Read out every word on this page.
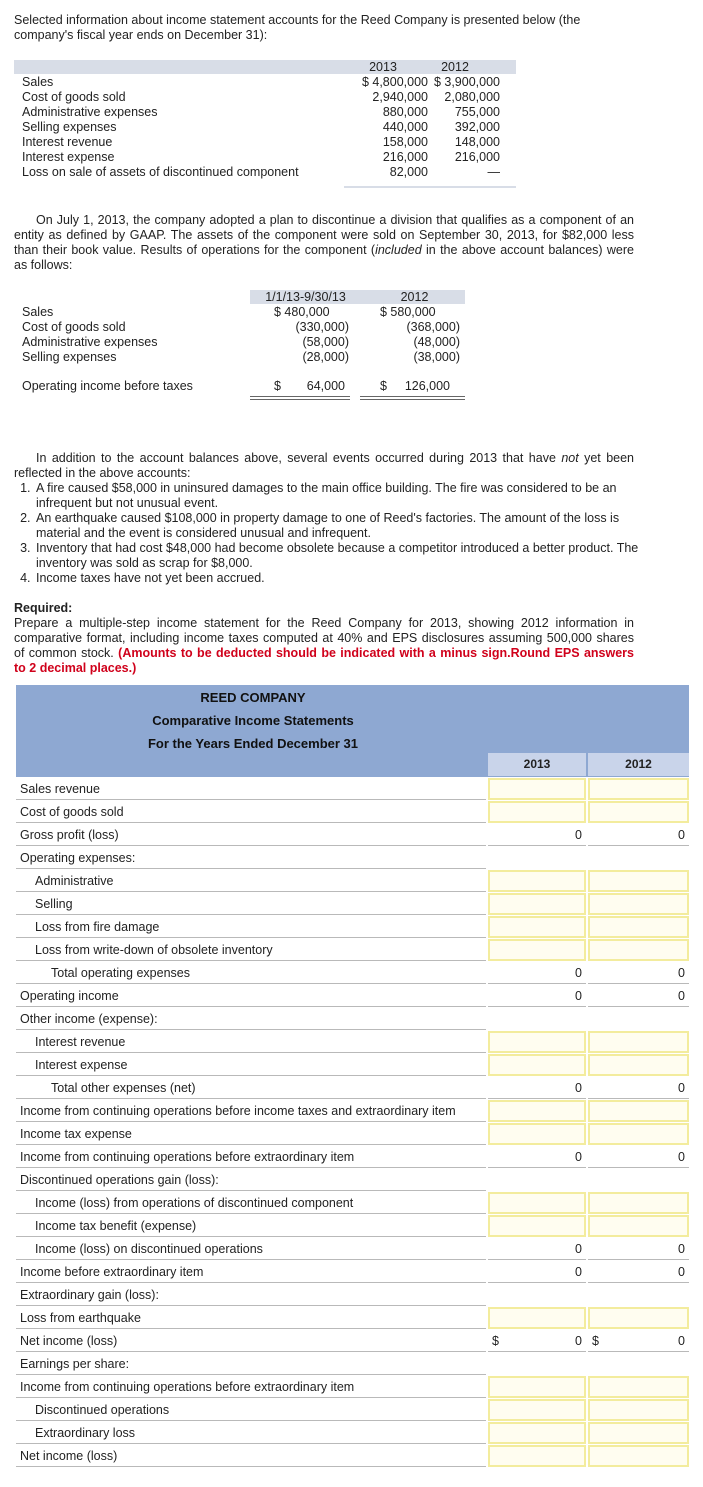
Selected information about income statement accounts for the Reed Company is presented below (the company's fiscal year ends on December 31):
2013	2012
Sales	$ 4,800,000 $ 3,900,000
Cost of goods sold	2,940,000	2,080,000
Administrative expenses	880,000	755,000
Selling expenses	440,000	392,000
Interest revenue	158,000	148,000
Interest expense	216,000	216,000
Loss on sale of assets of discontinued component	82,000	—
On July 1, 2013, the company adopted a plan to discontinue a division that qualifies as a component of an entity as defined by GAAP. The assets of the component were sold on September 30, 2013, for $82,000 less than their book value. Results of operations for the component (included in the above account balances) were as follows:
1/1/13-9/30/13	2012
Sales	$ 480,000	$ 580,000
Cost of goods sold	(330,000)	(368,000)
Administrative expenses	(58,000)	(48,000)
Selling expenses	(28,000)	(38,000)
Operating income before taxes	$	64,000	$	126,000
In addition to the account balances above, several events occurred during 2013 that have not yet been reflected in the above accounts:
1. A fire caused $58,000 in uninsured damages to the main office building. The fire was considered to be an infrequent but not unusual event.
2. An earthquake caused $108,000 in property damage to one of Reed's factories. The amount of the loss is material and the event is considered unusual and infrequent.
3. Inventory that had cost $48,000 had become obsolete because a competitor introduced a better product. The inventory was sold as scrap for $8,000.
4. Income taxes have not yet been accrued.
Required:
Prepare a multiple-step income statement for the Reed Company for 2013, showing 2012 information in comparative format, including income taxes computed at 40% and EPS disclosures assuming 500,000 shares of common stock. (Amounts to be deducted should be indicated with a minus sign.Round EPS answers to 2 decimal places.)
REED COMPANY
Comparative Income Statements
For the Years Ended December 31
2013	2012
Sales revenue
Cost of goods sold
Gross profit (loss)	0	0
Operating expenses:
Administrative
Selling
Loss from fire damage
Loss from write-down of obsolete inventory
Total operating expenses	0	0
Operating income	0	0
Other income (expense):
Interest revenue
Interest expense
Total other expenses (net)	0	0
Income from continuing operations before income taxes and extraordinary item
Income tax expense
Income from continuing operations before extraordinary item	0	0
Discontinued operations gain (loss):
Income (loss) from operations of discontinued component
Income tax benefit (expense)
Income (loss) on discontinued operations	0	0
Income before extraordinary item	0	0
Extraordinary gain (loss):
Loss from earthquake
Net income (loss)	$	0 $	0
Earnings per share:
Income from continuing operations before extraordinary item
Discontinued operations
Extraordinary loss
Net income (loss)
